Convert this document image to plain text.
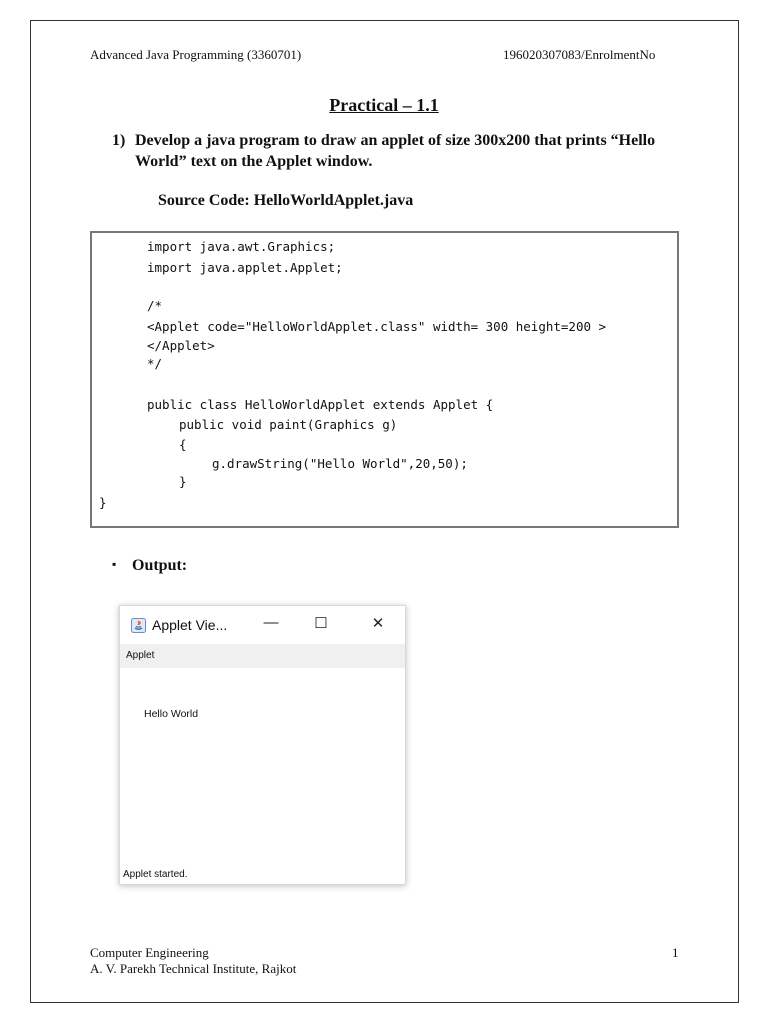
Advanced Java Programming (3360701)	196020307083/EnrolmentNo
Practical – 1.1
1) Develop a java program to draw an applet of size 300x200 that prints “Hello World” text on the Applet window.
Source Code: HelloWorldApplet.java
import java.awt.Graphics;
import java.applet.Applet;
/*
<Applet code="HelloWorldApplet.class" width= 300 height=200 >
</Applet>
*/
public class HelloWorldApplet extends Applet {
public void paint(Graphics g)
{
g.drawString("Hello World",20,50);
}
}
▪ Output:
Applet Vie...	—	☐	✕
Applet
Hello World
Applet started.
Computer Engineering
A. V. Parekh Technical Institute, Rajkot
1
